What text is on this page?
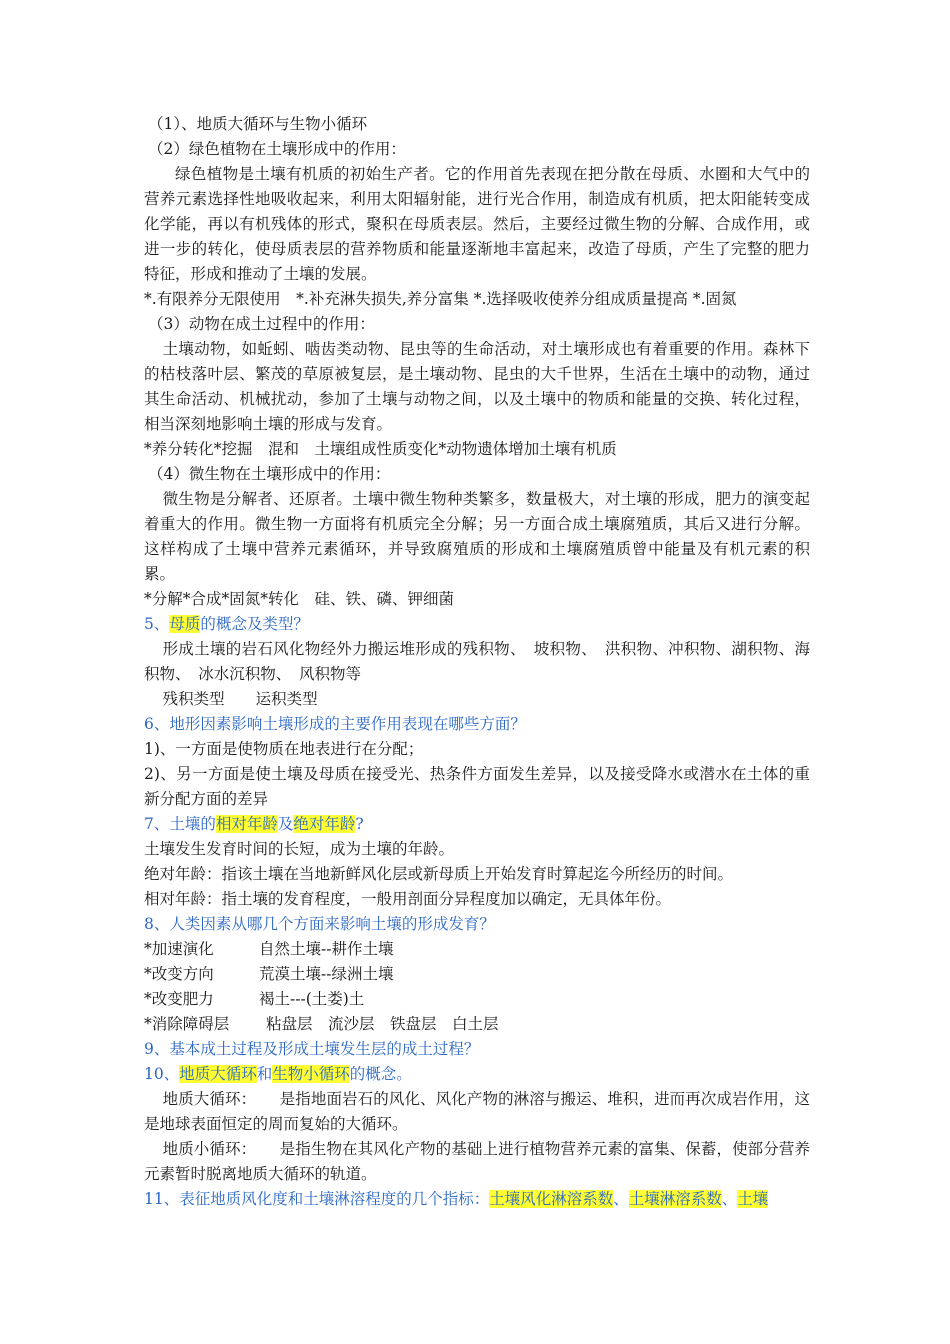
（1）、地质大循环与生物小循环

（2）绿色植物在土壤形成中的作用：

绿色植物是土壤有机质的初始生产者。它的作用首先表现在把分散在母质、水圈和大气中的营养元素选择性地吸收起来，利用太阳辐射能，进行光合作用，制造成有机质，把太阳能转变成化学能，再以有机残体的形式，聚积在母质表层。然后，主要经过微生物的分解、合成作用，或进一步的转化，使母质表层的营养物质和能量逐渐地丰富起来，改造了母质，产生了完整的肥力特征，形成和推动了土壤的发展。

*.有限养分无限使用　*.补充淋失损失,养分富集 *.选择吸收使养分组成质量提高 *.固氮

（3）动物在成土过程中的作用：

土壤动物，如蚯蚓、啮齿类动物、昆虫等的生命活动，对土壤形成也有着重要的作用。森林下的枯枝落叶层、繁茂的草原被复层，是土壤动物、昆虫的大千世界，生活在土壤中的动物，通过其生命活动、机械扰动，参加了土壤与动物之间，以及土壤中的物质和能量的交换、转化过程，相当深刻地影响土壤的形成与发育。

*养分转化*挖掘　混和　土壤组成性质变化*动物遗体增加土壤有机质

（4）微生物在土壤形成中的作用：

微生物是分解者、还原者。土壤中微生物种类繁多，数量极大，对土壤的形成，肥力的演变起着重大的作用。微生物一方面将有机质完全分解；另一方面合成土壤腐殖质，其后又进行分解。这样构成了土壤中营养元素循环，并导致腐殖质的形成和土壤腐殖质曾中能量及有机元素的积累。

*分解*合成*固氮*转化　硅、铁、磷、钾细菌

5、母质的概念及类型？

形成土壤的岩石风化物经外力搬运堆形成的残积物、　坡积物、　洪积物、冲积物、湖积物、海积物、　冰水沉积物、　风积物等

残积类型　　运积类型

6、地形因素影响土壤形成的主要作用表现在哪些方面？

1)、一方面是使物质在地表进行在分配；

2)、另一方面是使土壤及母质在接受光、热条件方面发生差异，以及接受降水或潜水在土体的重新分配方面的差异

7、土壤的相对年龄及绝对年龄?

土壤发生发育时间的长短，成为土壤的年龄。

绝对年龄：指该土壤在当地新鲜风化层或新母质上开始发育时算起迄今所经历的时间。

相对年龄：指土壤的发育程度，一般用剖面分异程度加以确定，无具体年份。

8、人类因素从哪几个方面来影响土壤的形成发育？

*加速演化	自然土壤--耕作土壤

*改变方向	荒漠土壤--绿洲土壤

*改变肥力	褐土---(土娄)土

*消除障碍层 粘盘层　流沙层　铁盘层　白土层

9、基本成土过程及形成土壤发生层的成土过程？

10、地质大循环和生物小循环的概念。

地质大循环：　　是指地面岩石的风化、风化产物的淋溶与搬运、堆积，进而再次成岩作用，这是地球表面恒定的周而复始的大循环。

地质小循环：　　是指生物在其风化产物的基础上进行植物营养元素的富集、保蓄，使部分营养元素暂时脱离地质大循环的轨道。

11、表征地质风化度和土壤淋溶程度的几个指标：土壤风化淋溶系数、土壤淋溶系数、土壤
